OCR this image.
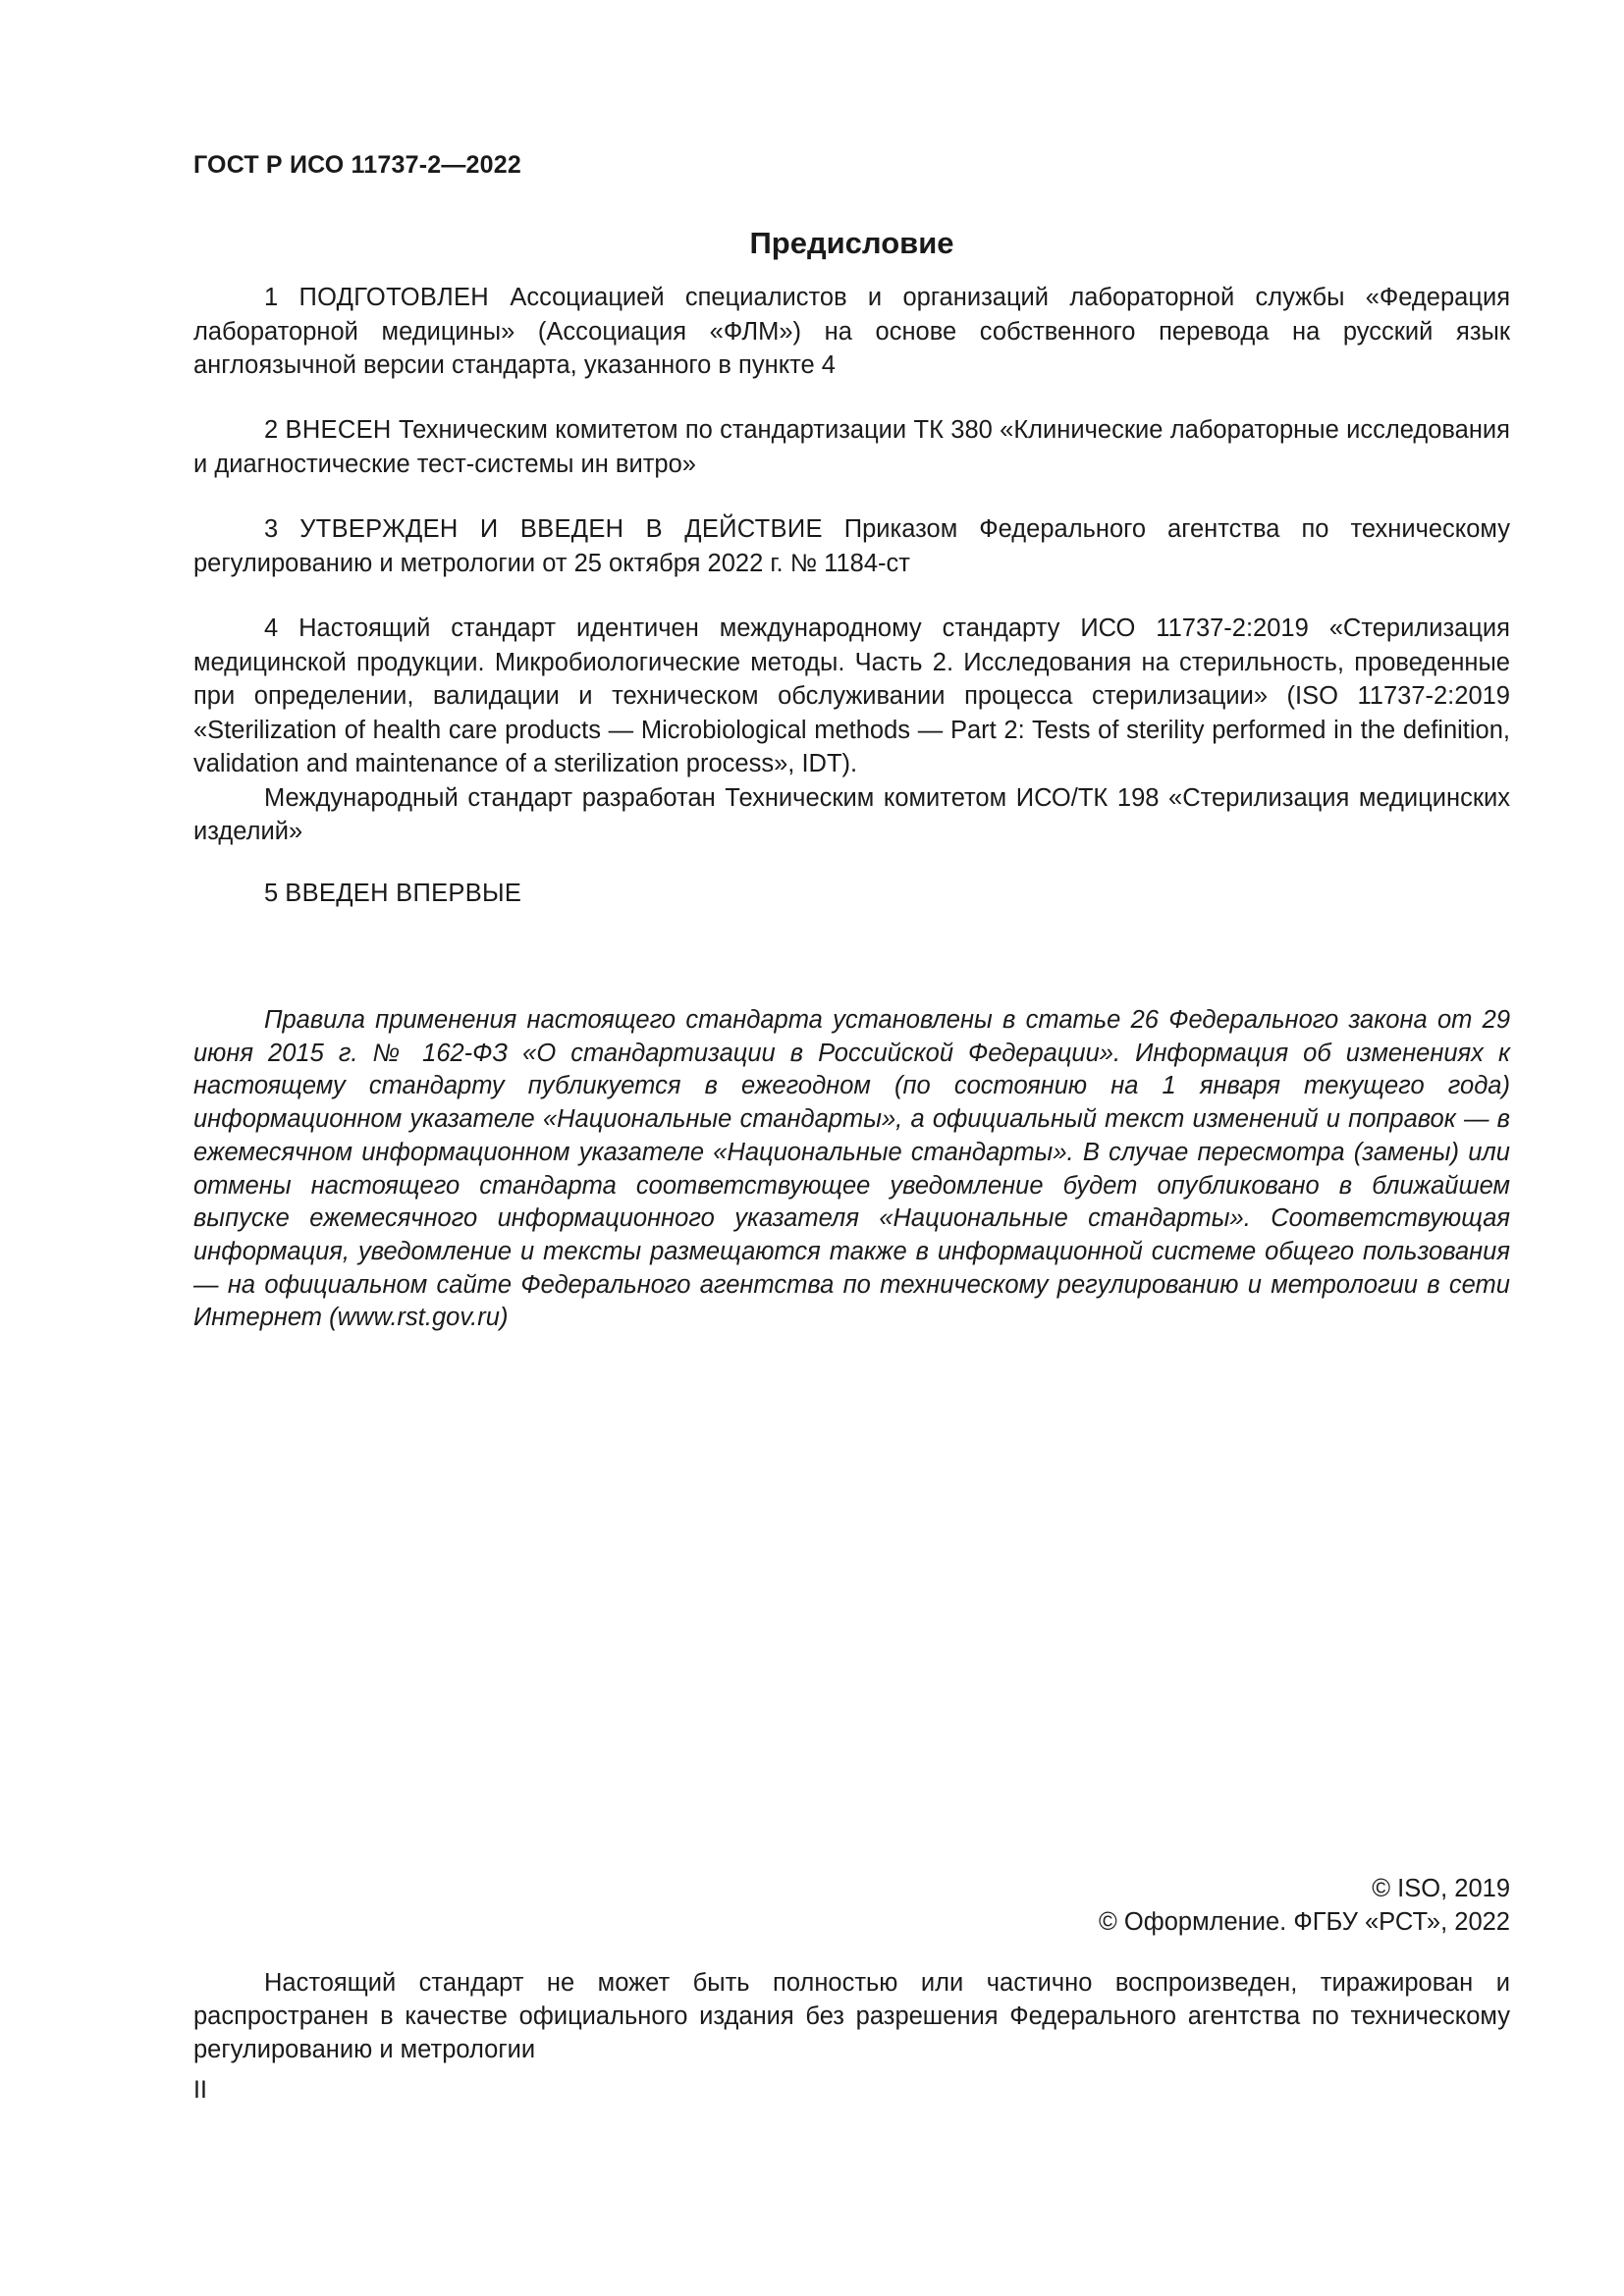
ГОСТ Р ИСО 11737-2—2022
Предисловие

1 ПОДГОТОВЛЕН Ассоциацией специалистов и организаций лабораторной службы «Федерация лабораторной медицины» (Ассоциация «ФЛМ») на основе собственного перевода на русский язык англоязычной версии стандарта, указанного в пункте 4

2 ВНЕСЕН Техническим комитетом по стандартизации ТК 380 «Клинические лабораторные исследования и диагностические тест-системы ин витро»

3 УТВЕРЖДЕН И ВВЕДЕН В ДЕЙСТВИЕ Приказом Федерального агентства по техническому регулированию и метрологии от 25 октября 2022 г. № 1184-ст

4 Настоящий стандарт идентичен международному стандарту ИСО 11737-2:2019 «Стерилизация медицинской продукции. Микробиологические методы. Часть 2. Исследования на стерильность, проведенные при определении, валидации и техническом обслуживании процесса стерилизации» (ISO 11737-2:2019 «Sterilization of health care products — Microbiological methods — Part 2: Tests of sterility performed in the definition, validation and maintenance of a sterilization process», IDT).

Международный стандарт разработан Техническим комитетом ИСО/ТК 198 «Стерилизация медицинских изделий»

5 ВВЕДЕН ВПЕРВЫЕ

Правила применения настоящего стандарта установлены в статье 26 Федерального закона от 29 июня 2015 г. № 162-ФЗ «О стандартизации в Российской Федерации». Информация об изменениях к настоящему стандарту публикуется в ежегодном (по состоянию на 1 января текущего года) информационном указателе «Национальные стандарты», а официальный текст изменений и поправок — в ежемесячном информационном указателе «Национальные стандарты». В случае пересмотра (замены) или отмены настоящего стандарта соответствующее уведомление будет опубликовано в ближайшем выпуске ежемесячного информационного указателя «Национальные стандарты». Соответствующая информация, уведомление и тексты размещаются также в информационной системе общего пользования — на официальном сайте Федерального агентства по техническому регулированию и метрологии в сети Интернет (www.rst.gov.ru)

© ISO, 2019
© Оформление. ФГБУ «РСТ», 2022

Настоящий стандарт не может быть полностью или частично воспроизведен, тиражирован и распространен в качестве официального издания без разрешения Федерального агентства по техническому регулированию и метрологии

II
